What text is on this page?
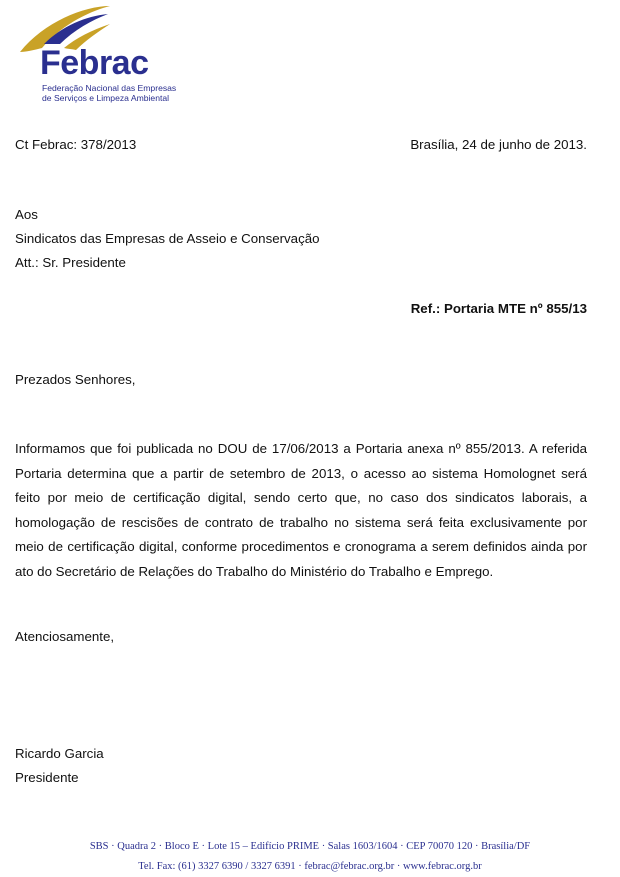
Febrac
Federação Nacional das Empresas
de Serviços e Limpeza Ambiental
Ct Febrac: 378/2013	Brasília, 24 de junho de 2013.
Aos
Sindicatos das Empresas de Asseio e Conservação
Att.: Sr. Presidente
Ref.: Portaria MTE nº 855/13
Prezados Senhores,
Informamos que foi publicada no DOU de 17/06/2013 a Portaria anexa nº 855/2013. A referida Portaria determina que a partir de setembro de 2013, o acesso ao sistema Homolognet será feito por meio de certificação digital, sendo certo que, no caso dos sindicatos laborais, a homologação de rescisões de contrato de trabalho no sistema será feita exclusivamente por meio de certificação digital, conforme procedimentos e cronograma a serem definidos ainda por ato do Secretário de Relações do Trabalho do Ministério do Trabalho e Emprego.
Atenciosamente,
Ricardo Garcia
Presidente
SBS · Quadra 2 · Bloco E · Lote 15 – Edifício PRIME · Salas 1603/1604 · CEP 70070 120 · Brasília/DF
Tel. Fax: (61) 3327 6390 / 3327 6391 · febrac@febrac.org.br · www.febrac.org.br
